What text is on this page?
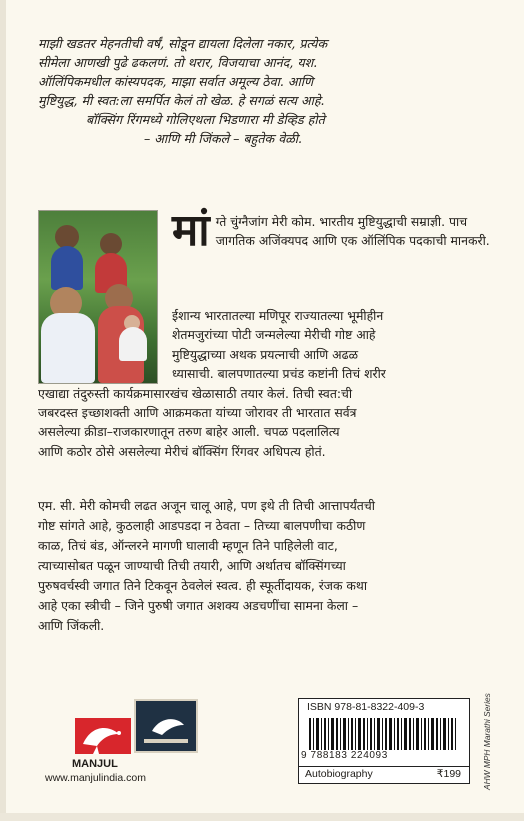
माझी खडतर मेहनतीची वर्षं, सोडून द्यायला दिलेला नकार, प्रत्येक
सीमेला आणखी पुढे ढकलणं. तो थरार, विजयाचा आनंद, यश.
ऑलिंपिकमधील कांस्यपदक, माझा सर्वात अमूल्य ठेवा. आणि
मुष्टियुद्ध, मी स्वत:ला समर्पित केलं तो खेळ. हे सगळं सत्य आहे.
बॉक्सिंग रिंगमध्ये गोलिएथला भिडणारा मी डेव्हिड होते
– आणि मी जिंकले – बहुतेक वेळी.
मां ग्ते चुंग्नैजांग मेरी कोम. भारतीय मुष्टियुद्धाची सम्राज्ञी. पाच जागतिक अजिंक्यपद आणि एक ऑलिंपिक पदकाची मानकरी.
ईशान्य भारतातल्या मणिपूर राज्यातल्या भूमीहीन
शेतमजुरांच्या पोटी जन्मलेल्या मेरीची गोष्ट आहे
मुष्टियुद्धाच्या अथक प्रयत्नाची आणि अढळ
ध्यासाची. बालपणातल्या प्रचंड कष्टांनी तिचं शरीर
एखाद्या तंदुरुस्ती कार्यक्रमासारखंच खेळासाठी तयार केलं. तिची स्वत:ची
जबरदस्त इच्छाशक्ती आणि आक्रमकता यांच्या जोरावर ती भारतात सर्वत्र
असलेल्या क्रीडा–राजकारणातून तरुण बाहेर आली. चपळ पदलालित्य
आणि कठोर ठोसे असलेल्या मेरीचं बॉक्सिंग रिंगवर अधिपत्य होतं.
एम. सी. मेरी कोमची लढत अजून चालू आहे, पण इथे ती तिची आत्तापर्यंतची
गोष्ट सांगते आहे, कुठलाही आडपडदा न ठेवता – तिच्या बालपणीचा कठीण
काळ, तिचं बंड, ऑन्लरने मागणी घालावी म्हणून तिने पाहिलेली वाट,
त्याच्यासोबत पळून जाण्याची तिची तयारी, आणि अर्थातच बॉक्सिंगच्या
पुरुषवर्चस्वी जगात तिने टिकवून ठेवलेलं स्वत्व. ही स्फूर्तीदायक, रंजक कथा
आहे एका स्त्रीची – जिने पुरुषी जगात अशक्य अडचणींचा सामना केला –
आणि जिंकली.
MANJUL
www.manjulindia.com
ISBN 978-81-8322-409-3
9 788183 224093
Autobiography	₹199	AHW MPH Marathi Series
